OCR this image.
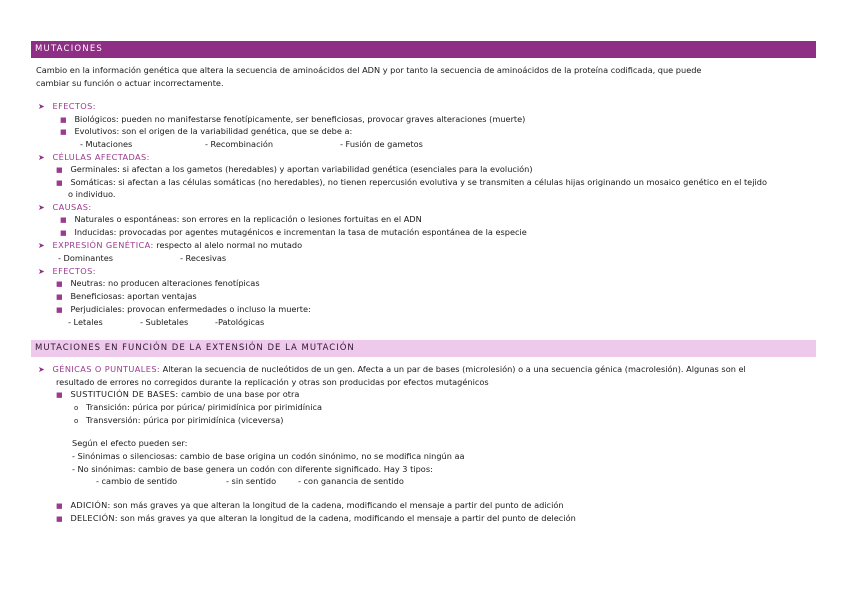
MUTACIONES
Cambio en la información genética que altera la secuencia de aminoácidos del ADN y por tanto la secuencia de aminoácidos de la proteína codificada, que puede
cambiar su función o actuar incorrectamente.
➤ EFECTOS:
■ Biológicos: pueden no manifestarse fenotípicamente, ser beneficiosas, provocar graves alteraciones (muerte)
■ Evolutivos: son el origen de la variabilidad genética, que se debe a:
- Mutaciones	- Recombinación	- Fusión de gametos
➤ CÉLULAS AFECTADAS:
■ Germinales: si afectan a los gametos (heredables) y aportan variabilidad genética (esenciales para la evolución)
■ Somáticas: si afectan a las células somáticas (no heredables), no tienen repercusión evolutiva y se transmiten a células hijas originando un mosaico genético en el tejido
o individuo.
➤ CAUSAS:
■ Naturales o espontáneas: son errores en la replicación o lesiones fortuitas en el ADN
■ Inducidas: provocadas por agentes mutagénicos e incrementan la tasa de mutación espontánea de la especie
➤ EXPRESIÓN GENÉTICA: respecto al alelo normal no mutado
- Dominantes	- Recesivas
➤ EFECTOS:
■ Neutras: no producen alteraciones fenotípicas
■ Beneficiosas: aportan ventajas
■ Perjudiciales: provocan enfermedades o incluso la muerte:
- Letales	- Subletales	-Patológicas
MUTACIONES EN FUNCIÓN DE LA EXTENSIÓN DE LA MUTACIÓN
➤ GÉNICAS O PUNTUALES: Alteran la secuencia de nucleótidos de un gen. Afecta a un par de bases (microlesión) o a una secuencia génica (macrolesión). Algunas son el
resultado de errores no corregidos durante la replicación y otras son producidas por efectos mutagénicos
■ SUSTITUCIÓN DE BASES: cambio de una base por otra
o Transición: púrica por púrica/ pirimidínica por pirimidínica
o Transversión: púrica por pirimidínica (viceversa)
Según el efecto pueden ser:
- Sinónimas o silenciosas: cambio de base origina un codón sinónimo, no se modifica ningún aa
- No sinónimas: cambio de base genera un codón con diferente significado. Hay 3 tipos:
- cambio de sentido	- sin sentido	- con ganancia de sentido
■ ADICIÓN: son más graves ya que alteran la longitud de la cadena, modificando el mensaje a partir del punto de adición
■ DELECIÓN: son más graves ya que alteran la longitud de la cadena, modificando el mensaje a partir del punto de deleción
